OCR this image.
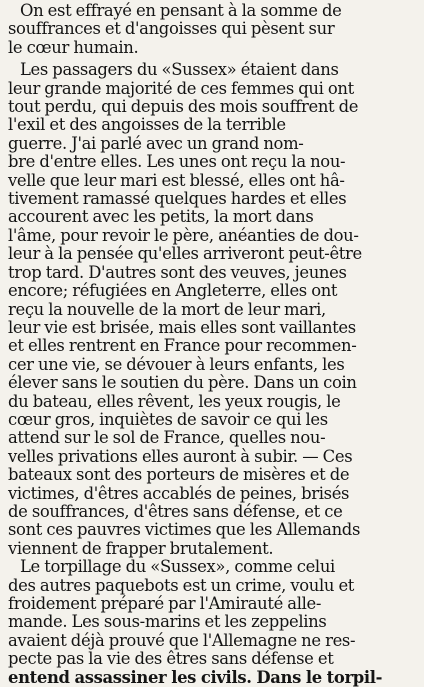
On est effrayé en pensant à la somme de
souffrances et d'angoisses qui pèsent sur
le cœur humain.
Les passagers du «Sussex» étaient dans
leur grande majorité de ces femmes qui ont
tout perdu, qui depuis des mois souffrent de
l'exil et des angoisses de la terrible
guerre. J'ai parlé avec un grand nom-
bre d'entre elles. Les unes ont reçu la nou-
velle que leur mari est blessé, elles ont hâ-
tivement ramassé quelques hardes et elles
accourent avec les petits, la mort dans
l'âme, pour revoir le père, anéanties de dou-
leur à la pensée qu'elles arriveront peut-être
trop tard. D'autres sont des veuves, jeunes
encore; réfugiées en Angleterre, elles ont
reçu la nouvelle de la mort de leur mari,
leur vie est brisée, mais elles sont vaillantes
et elles rentrent en France pour recommen-
cer une vie, se dévouer à leurs enfants, les
élever sans le soutien du père. Dans un coin
du bateau, elles rêvent, les yeux rougis, le
cœur gros, inquiètes de savoir ce qui les
attend sur le sol de France, quelles nou-
velles privations elles auront à subir. — Ces
bateaux sont des porteurs de misères et de
victimes, d'êtres accablés de peines, brisés
de souffrances, d'êtres sans défense, et ce
sont ces pauvres victimes que les Allemands
viennent de frapper brutalement.
Le torpillage du «Sussex», comme celui
des autres paquebots est un crime, voulu et
froidement préparé par l'Amirauté alle-
mande. Les sous-marins et les zeppelins
avaient déjà prouvé que l'Allemagne ne res-
pecte pas la vie des êtres sans défense et
entend assassiner les civils. Dans le torpil-
